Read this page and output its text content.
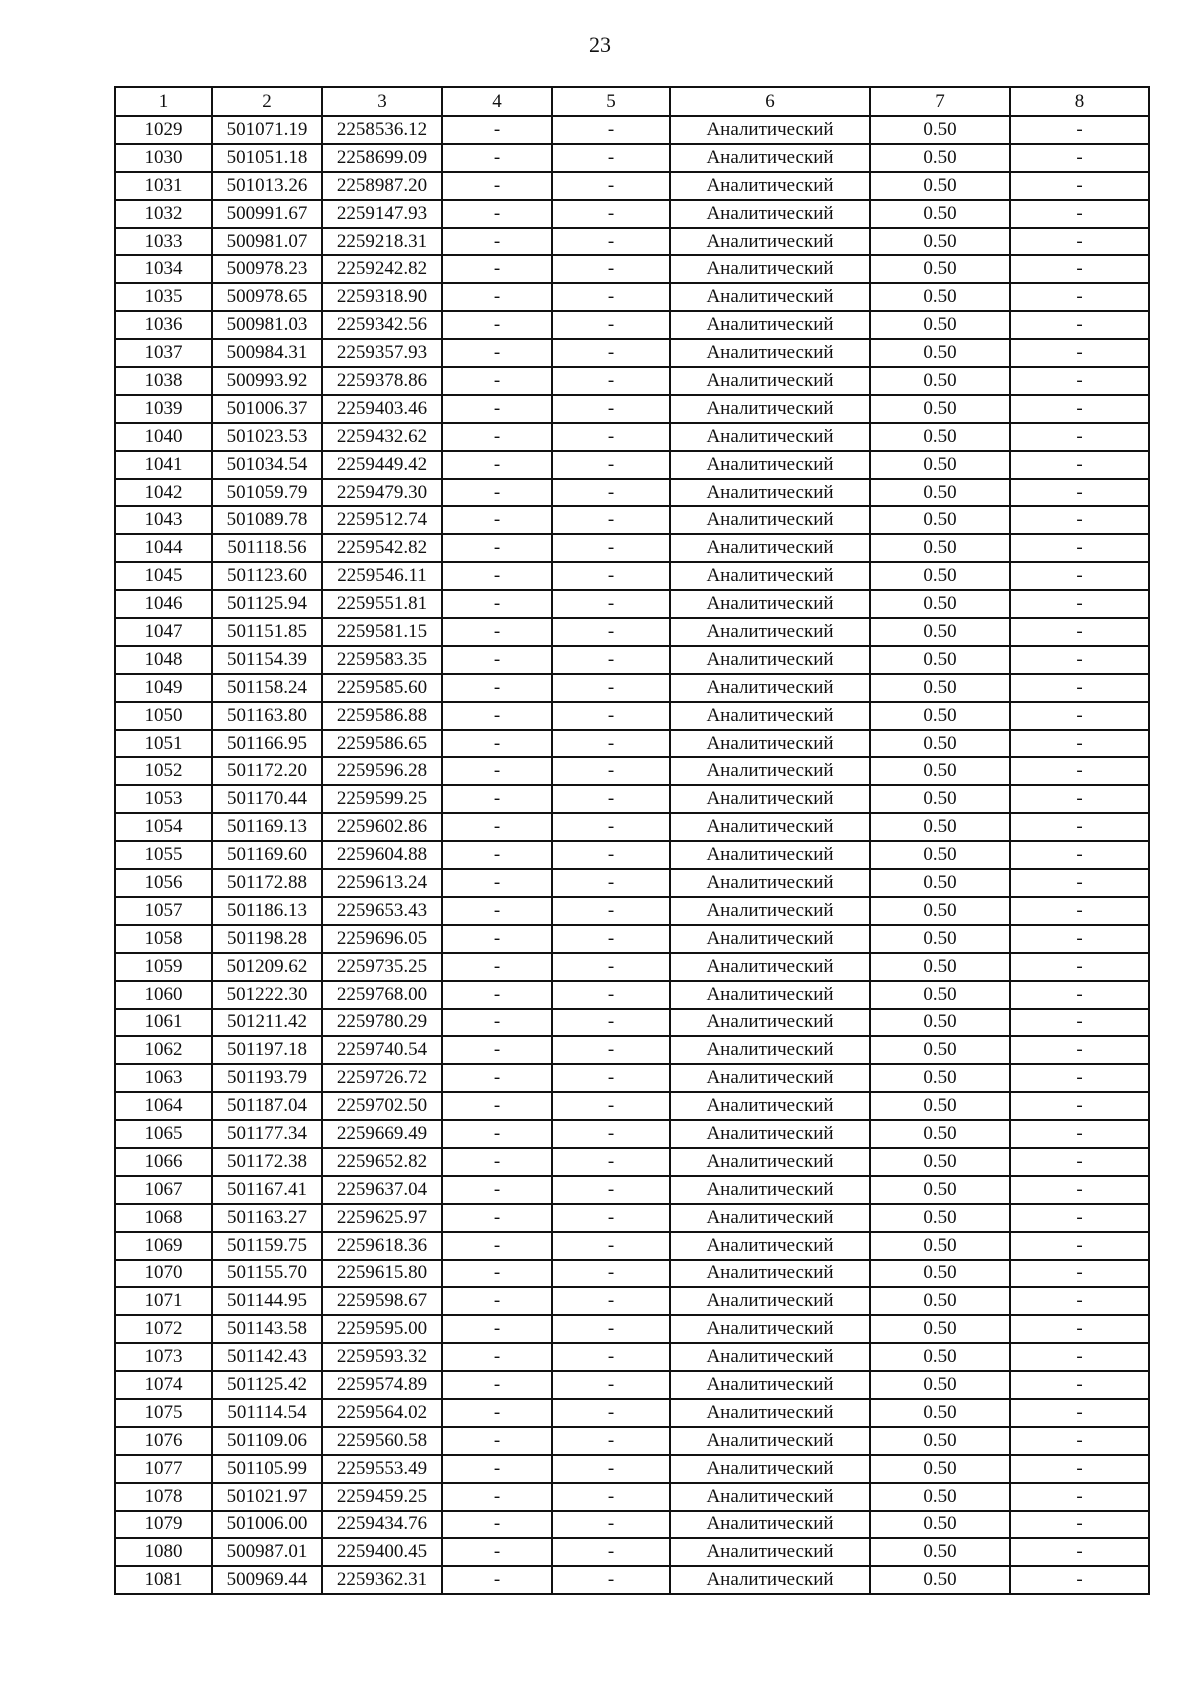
23
1	2	3	4	5	6	7	8
1029	501071.19	2258536.12	-	-	Аналитический	0.50	-
1030	501051.18	2258699.09	-	-	Аналитический	0.50	-
1031	501013.26	2258987.20	-	-	Аналитический	0.50	-
1032	500991.67	2259147.93	-	-	Аналитический	0.50	-
1033	500981.07	2259218.31	-	-	Аналитический	0.50	-
1034	500978.23	2259242.82	-	-	Аналитический	0.50	-
1035	500978.65	2259318.90	-	-	Аналитический	0.50	-
1036	500981.03	2259342.56	-	-	Аналитический	0.50	-
1037	500984.31	2259357.93	-	-	Аналитический	0.50	-
1038	500993.92	2259378.86	-	-	Аналитический	0.50	-
1039	501006.37	2259403.46	-	-	Аналитический	0.50	-
1040	501023.53	2259432.62	-	-	Аналитический	0.50	-
1041	501034.54	2259449.42	-	-	Аналитический	0.50	-
1042	501059.79	2259479.30	-	-	Аналитический	0.50	-
1043	501089.78	2259512.74	-	-	Аналитический	0.50	-
1044	501118.56	2259542.82	-	-	Аналитический	0.50	-
1045	501123.60	2259546.11	-	-	Аналитический	0.50	-
1046	501125.94	2259551.81	-	-	Аналитический	0.50	-
1047	501151.85	2259581.15	-	-	Аналитический	0.50	-
1048	501154.39	2259583.35	-	-	Аналитический	0.50	-
1049	501158.24	2259585.60	-	-	Аналитический	0.50	-
1050	501163.80	2259586.88	-	-	Аналитический	0.50	-
1051	501166.95	2259586.65	-	-	Аналитический	0.50	-
1052	501172.20	2259596.28	-	-	Аналитический	0.50	-
1053	501170.44	2259599.25	-	-	Аналитический	0.50	-
1054	501169.13	2259602.86	-	-	Аналитический	0.50	-
1055	501169.60	2259604.88	-	-	Аналитический	0.50	-
1056	501172.88	2259613.24	-	-	Аналитический	0.50	-
1057	501186.13	2259653.43	-	-	Аналитический	0.50	-
1058	501198.28	2259696.05	-	-	Аналитический	0.50	-
1059	501209.62	2259735.25	-	-	Аналитический	0.50	-
1060	501222.30	2259768.00	-	-	Аналитический	0.50	-
1061	501211.42	2259780.29	-	-	Аналитический	0.50	-
1062	501197.18	2259740.54	-	-	Аналитический	0.50	-
1063	501193.79	2259726.72	-	-	Аналитический	0.50	-
1064	501187.04	2259702.50	-	-	Аналитический	0.50	-
1065	501177.34	2259669.49	-	-	Аналитический	0.50	-
1066	501172.38	2259652.82	-	-	Аналитический	0.50	-
1067	501167.41	2259637.04	-	-	Аналитический	0.50	-
1068	501163.27	2259625.97	-	-	Аналитический	0.50	-
1069	501159.75	2259618.36	-	-	Аналитический	0.50	-
1070	501155.70	2259615.80	-	-	Аналитический	0.50	-
1071	501144.95	2259598.67	-	-	Аналитический	0.50	-
1072	501143.58	2259595.00	-	-	Аналитический	0.50	-
1073	501142.43	2259593.32	-	-	Аналитический	0.50	-
1074	501125.42	2259574.89	-	-	Аналитический	0.50	-
1075	501114.54	2259564.02	-	-	Аналитический	0.50	-
1076	501109.06	2259560.58	-	-	Аналитический	0.50	-
1077	501105.99	2259553.49	-	-	Аналитический	0.50	-
1078	501021.97	2259459.25	-	-	Аналитический	0.50	-
1079	501006.00	2259434.76	-	-	Аналитический	0.50	-
1080	500987.01	2259400.45	-	-	Аналитический	0.50	-
1081	500969.44	2259362.31	-	-	Аналитический	0.50	-
